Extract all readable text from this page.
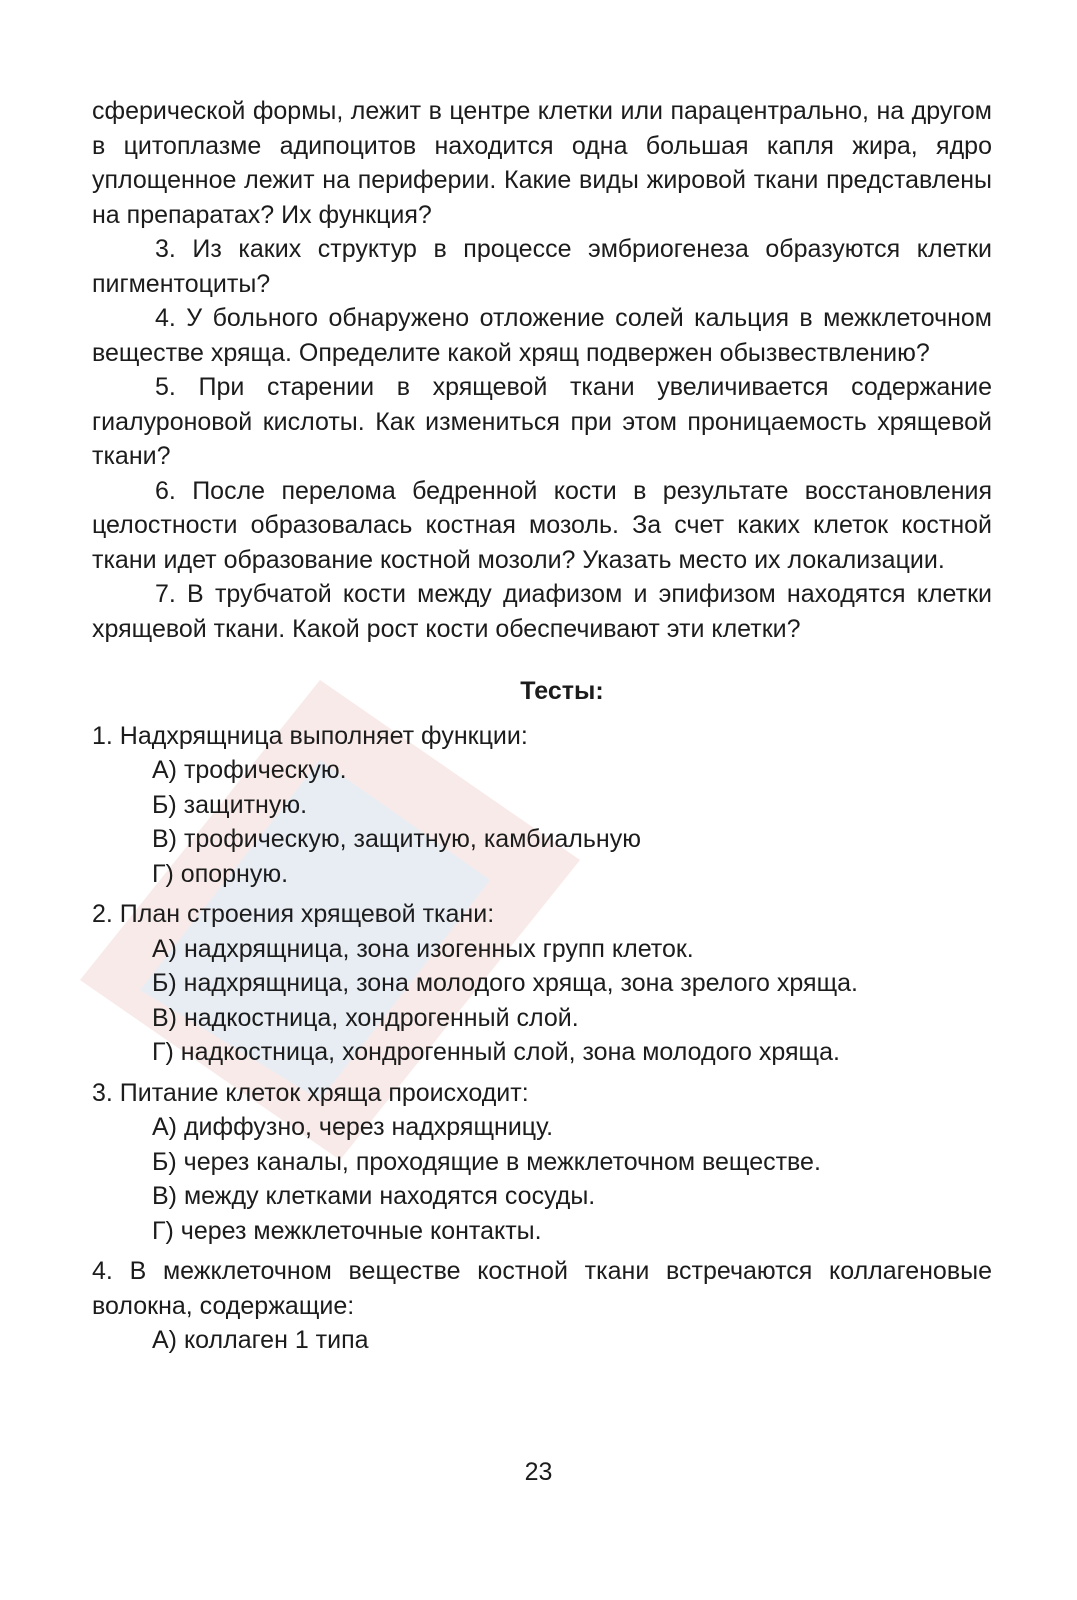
сферической формы, лежит в центре клетки или парацентрально, на другом в цитоплазме адипоцитов находится одна большая капля жира, ядро уплощенное лежит на периферии. Какие виды жировой ткани представлены на препаратах? Их функция?

3. Из каких структур в процессе эмбриогенеза образуются клетки пигментоциты?

4. У больного обнаружено отложение солей кальция в межклеточном веществе хряща. Определите какой хрящ подвержен обызвествлению?

5. При старении в хрящевой ткани увеличивается содержание гиалуроновой кислоты. Как измениться при этом проницаемость хрящевой ткани?

6. После перелома бедренной кости в результате восстановления целостности образовалась костная мозоль. За счет каких клеток костной ткани идет образование костной мозоли? Указать место их локализации.

7. В трубчатой кости между диафизом и эпифизом находятся клетки хрящевой ткани. Какой рост кости обеспечивают эти клетки?

Тесты:

1. Надхрящница выполняет функции:

А) трофическую.
Б) защитную.
В) трофическую, защитную, камбиальную
Г) опорную.

2. План строения хрящевой ткани:

А) надхрящница, зона изогенных групп клеток.
Б) надхрящница, зона молодого хряща, зона зрелого хряща.
В) надкостница, хондрогенный слой.
Г) надкостница, хондрогенный слой, зона молодого хряща.

3. Питание клеток хряща происходит:

А) диффузно, через надхрящницу.
Б) через каналы, проходящие в межклеточном веществе.
В) между клетками находятся сосуды.
Г) через межклеточные контакты.

4. В межклеточном веществе костной ткани встречаются коллагеновые волокна, содержащие:

А) коллаген 1 типа
23
